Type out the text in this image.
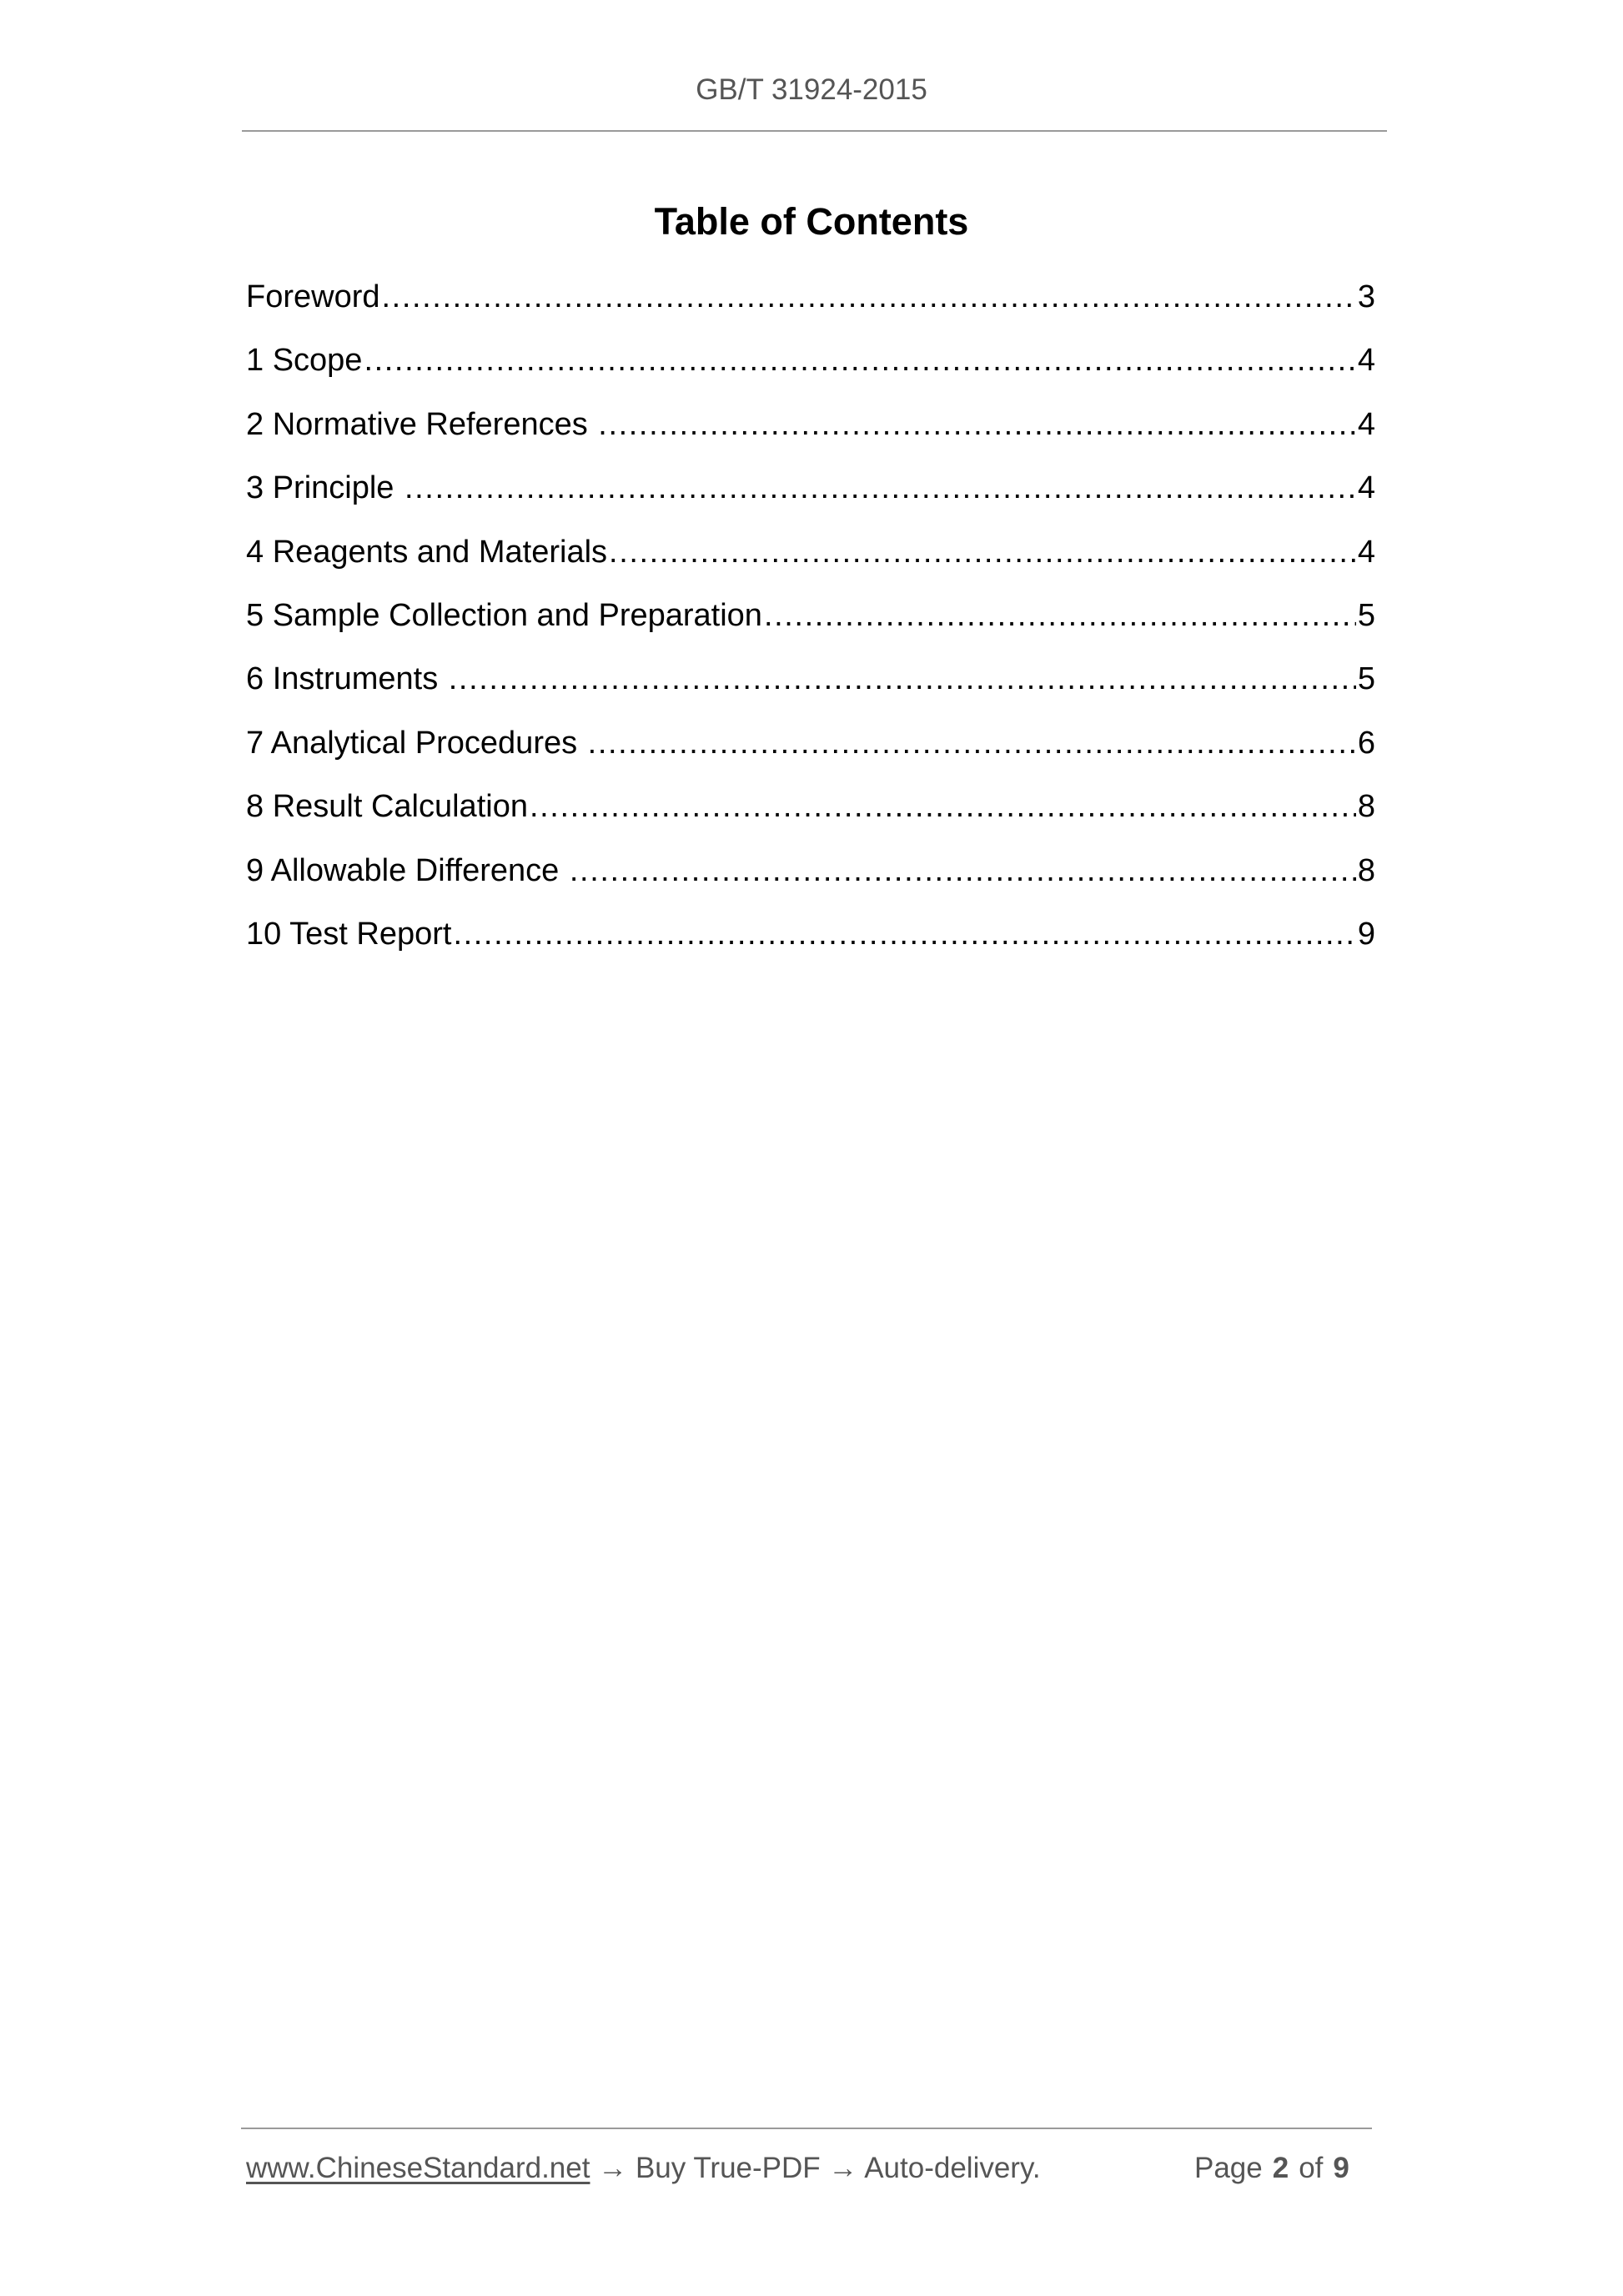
GB/T 31924-2015
Table of Contents
Foreword .....	3
1 Scope .....	4
2 Normative References .....	4
3 Principle .....	4
4 Reagents and Materials .....	4
5 Sample Collection and Preparation .....	5
6 Instruments .....	5
7 Analytical Procedures .....	6
8 Result Calculation .....	8
9 Allowable Difference .....	8
10 Test Report .....	9
www.ChineseStandard.net → Buy True-PDF → Auto-delivery.	Page 2 of 9
